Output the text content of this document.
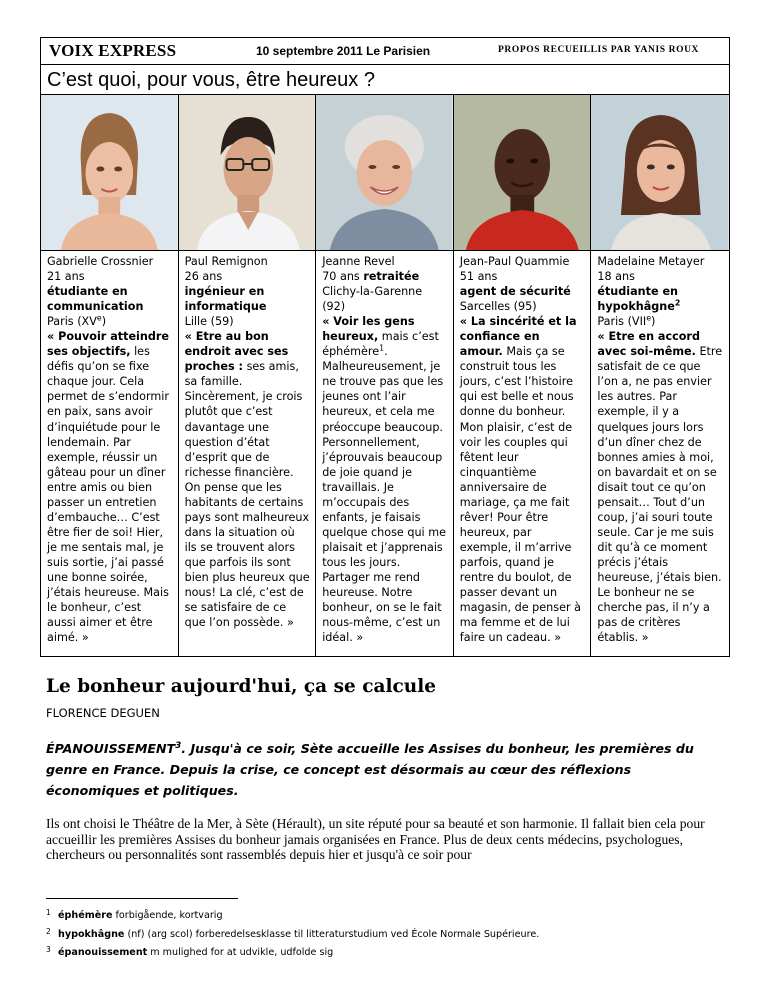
VOIX EXPRESS	10 septembre 2011 Le Parisien	PROPOS RECUEILLIS PAR YANIS ROUX
C’est quoi, pour vous, être heureux ?
Gabrielle Crossnier
21 ans
étudiante en communication
Paris (XVe)
« Pouvoir atteindre ses objectifs, les défis qu’on se fixe chaque jour. Cela permet de s’endormir en paix, sans avoir d’inquiétude pour le lendemain. Par exemple, réussir un gâteau pour un dîner entre amis ou bien passer un entretien d’embauche… C’est être fier de soi! Hier, je me sentais mal, je suis sortie, j’ai passé une bonne soirée, j’étais heureuse. Mais le bonheur, c’est aussi aimer et être aimé. »
Paul Remignon
26 ans
ingénieur en informatique
Lille (59)
« Etre au bon endroit avec ses proches : ses amis, sa famille. Sincèrement, je crois plutôt que c’est davantage une question d’état d’esprit que de richesse financière. On pense que les habitants de certains pays sont malheureux dans la situation où ils se trouvent alors que parfois ils sont bien plus heureux que nous! La clé, c’est de se satisfaire de ce que l’on possède. »
Jeanne Revel
70 ans retraitée
Clichy-la-Garenne (92)
« Voir les gens heureux, mais c’est éphémère$^1$. Malheureusement, je ne trouve pas que les jeunes ont l’air heureux, et cela me préoccupe beaucoup. Personnellement, j’éprouvais beaucoup de joie quand je travaillais. Je m’occupais des enfants, je faisais quelque chose qui me plaisait et j’apprenais tous les jours. Partager me rend heureuse. Notre bonheur, on se le fait nous-même, c’est un idéal. »
Jean-Paul Quammie
51 ans
agent de sécurité
Sarcelles (95)
« La sincérité et la confiance en amour. Mais ça se construit tous les jours, c’est l’histoire qui est belle et nous donne du bonheur. Mon plaisir, c’est de voir les couples qui fêtent leur cinquantième anniversaire de mariage, ça me fait rêver! Pour être heureux, par exemple, il m’arrive parfois, quand je rentre du boulot, de passer devant un magasin, de penser à ma femme et de lui faire un cadeau. »
Madelaine Metayer
18 ans
étudiante en hypokhâgne$^2$
Paris (VIIe)
« Etre en accord avec soi-même. Etre satisfait de ce que l’on a, ne pas envier les autres. Par exemple, il y a quelques jours lors d’un dîner chez de bonnes amies à moi, on bavardait et on se disait tout ce qu’on pensait… Tout d’un coup, j’ai souri toute seule. Car je me suis dit qu’à ce moment précis j’étais heureuse, j’étais bien. Le bonheur ne se cherche pas, il n’y a pas de critères établis. »
Le bonheur aujourd'hui, ça se calcule
FLORENCE DEGUEN
ÉPANOUISSEMENT$^3$. Jusqu'à ce soir, Sète accueille les Assises du bonheur, les premières du genre en France. Depuis la crise, ce concept est désormais au cœur des réflexions économiques et politiques.
Ils ont choisi le Théâtre de la Mer, à Sète (Hérault), un site réputé pour sa beauté et son harmonie. Il fallait bien cela pour accueillir les premières Assises du bonheur jamais organisées en France. Plus de deux cents médecins, psychologues, chercheurs ou personnalités sont rassemblés depuis hier et jusqu'à ce soir pour
1 éphémère forbigående, kortvarig
2 hypokhâgne (nf) (arg scol) forberedelsesklasse til litteraturstudium ved École Normale Supérieure.
3 épanouissement m mulighed for at udvikle, udfolde sig
